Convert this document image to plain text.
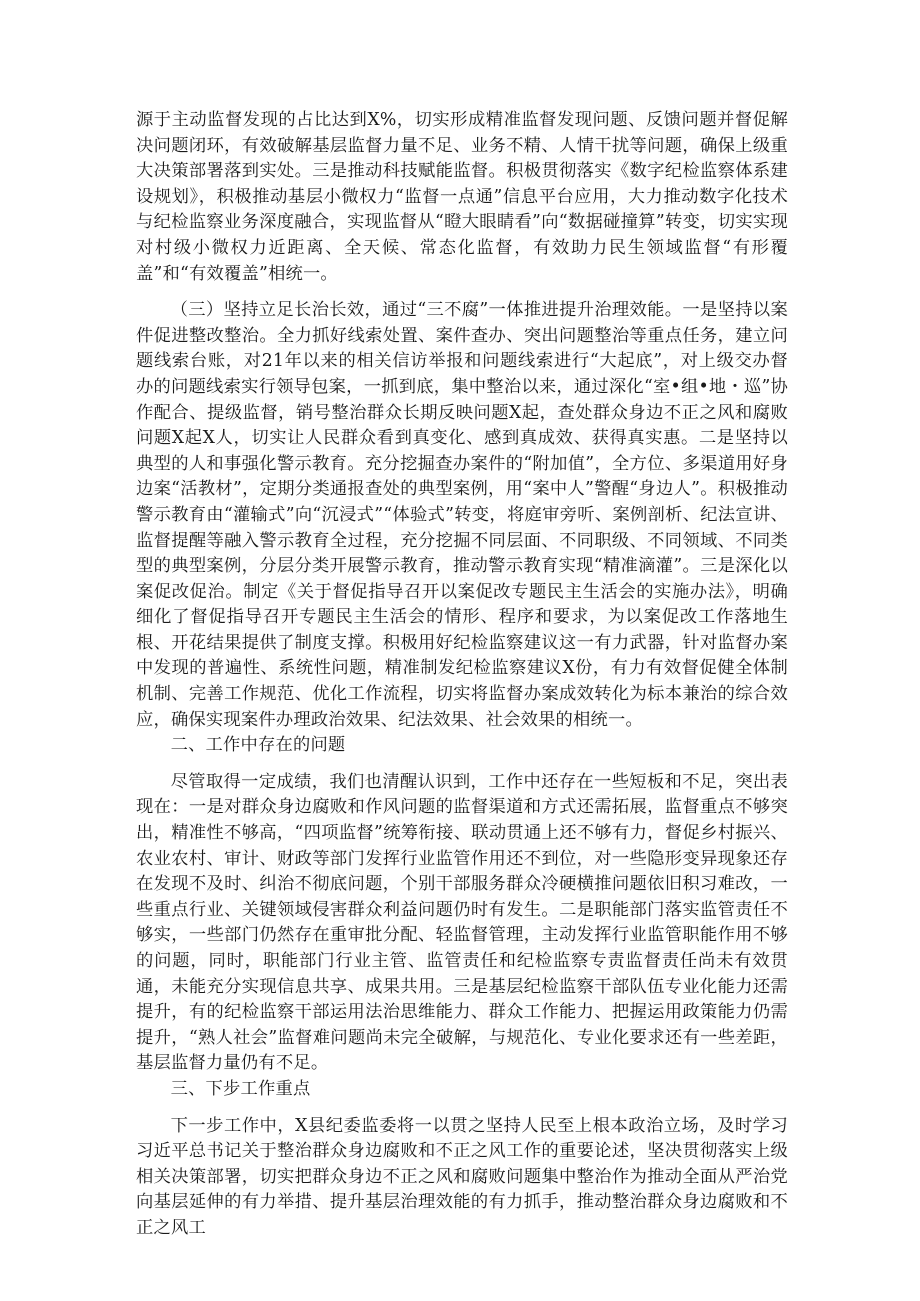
源于主动监督发现的占比达到X%，切实形成精准监督发现问题、反馈问题并督促解决问题闭环，有效破解基层监督力量不足、业务不精、人情干扰等问题，确保上级重大决策部署落到实处。三是推动科技赋能监督。积极贯彻落实《数字纪检监察体系建设规划》，积极推动基层小微权力“监督一点通”信息平台应用，大力推动数字化技术与纪检监察业务深度融合，实现监督从“瞪大眼睛看”向“数据碰撞算”转变，切实实现对村级小微权力近距离、全天候、常态化监督，有效助力民生领域监督“有形覆盖”和“有效覆盖”相统一。

（三）坚持立足长治长效，通过“三不腐”一体推进提升治理效能。一是坚持以案件促进整改整治。全力抓好线索处置、案件查办、突出问题整治等重点任务，建立问题线索台账，对21年以来的相关信访举报和问题线索进行“大起底”，对上级交办督办的问题线索实行领导包案，一抓到底，集中整治以来，通过深化“室•组•地・巡”协作配合、提级监督，销号整治群众长期反映问题X起，查处群众身边不正之风和腐败问题X起X人，切实让人民群众看到真变化、感到真成效、获得真实惠。二是坚持以典型的人和事强化警示教育。充分挖掘查办案件的“附加值”，全方位、多渠道用好身边案“活教材”，定期分类通报查处的典型案例，用“案中人”警醒“身边人”。积极推动警示教育由“灌输式”向“沉浸式”“体验式”转变，将庭审旁听、案例剖析、纪法宣讲、监督提醒等融入警示教育全过程，充分挖掘不同层面、不同职级、不同领域、不同类型的典型案例，分层分类开展警示教育，推动警示教育实现“精准滴灌”。三是深化以案促改促治。制定《关于督促指导召开以案促改专题民主生活会的实施办法》，明确细化了督促指导召开专题民主生活会的情形、程序和要求，为以案促改工作落地生根、开花结果提供了制度支撑。积极用好纪检监察建议这一有力武器，针对监督办案中发现的普遍性、系统性问题，精准制发纪检监察建议X份，有力有效督促健全体制机制、完善工作规范、优化工作流程，切实将监督办案成效转化为标本兼治的综合效应，确保实现案件办理政治效果、纪法效果、社会效果的相统一。

二、工作中存在的问题

尽管取得一定成绩，我们也清醒认识到，工作中还存在一些短板和不足，突出表现在：一是对群众身边腐败和作风问题的监督渠道和方式还需拓展，监督重点不够突出，精准性不够高，“四项监督”统筹衔接、联动贯通上还不够有力，督促乡村振兴、农业农村、审计、财政等部门发挥行业监管作用还不到位，对一些隐形变异现象还存在发现不及时、纠治不彻底问题，个别干部服务群众冷硬横推问题依旧积习难改，一些重点行业、关键领域侵害群众利益问题仍时有发生。二是职能部门落实监管责任不够实，一些部门仍然存在重审批分配、轻监督管理，主动发挥行业监管职能作用不够的问题，同时，职能部门行业主管、监管责任和纪检监察专责监督责任尚未有效贯通，未能充分实现信息共享、成果共用。三是基层纪检监察干部队伍专业化能力还需提升，有的纪检监察干部运用法治思维能力、群众工作能力、把握运用政策能力仍需提升，“熟人社会”监督难问题尚未完全破解，与规范化、专业化要求还有一些差距，基层监督力量仍有不足。

三、下步工作重点

下一步工作中，X县纪委监委将一以贯之坚持人民至上根本政治立场，及时学习习近平总书记关于整治群众身边腐败和不正之风工作的重要论述，坚决贯彻落实上级相关决策部署，切实把群众身边不正之风和腐败问题集中整治作为推动全面从严治党向基层延伸的有力举措、提升基层治理效能的有力抓手，推动整治群众身边腐败和不正之风工
